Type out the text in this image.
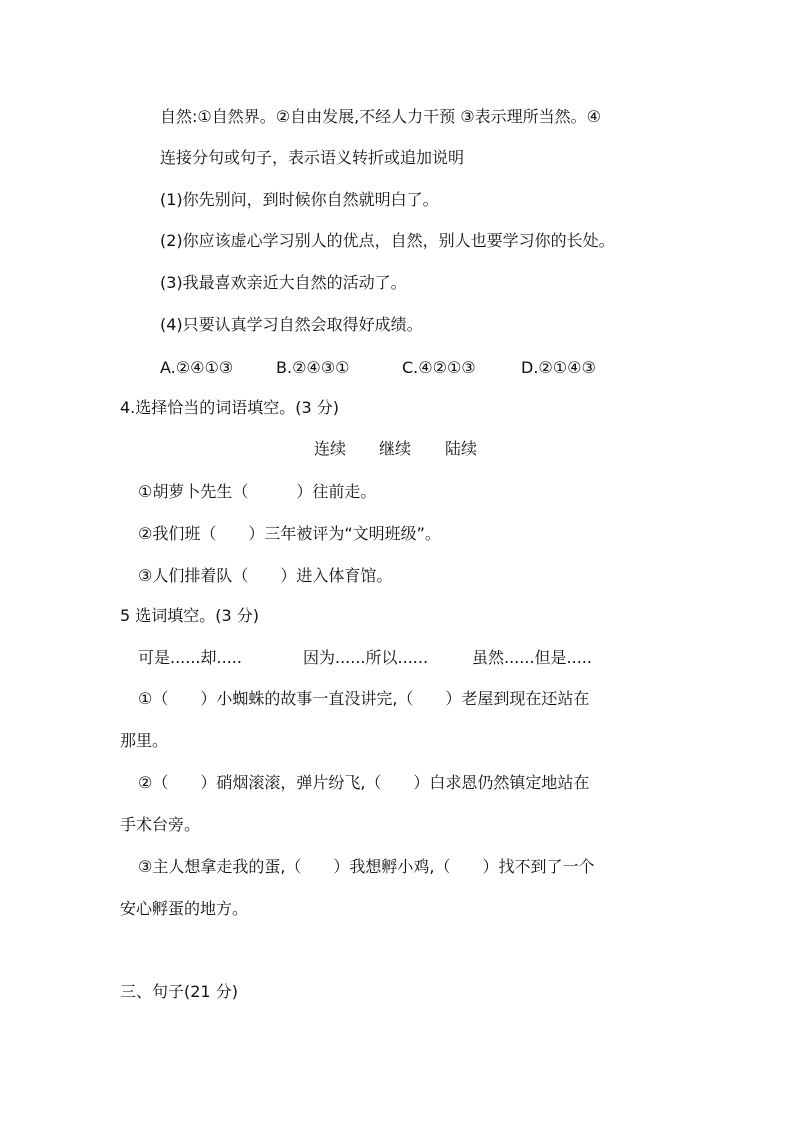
自然:①自然界。②自由发展,不经人力干预 ③表示理所当然。④
连接分句或句子，表示语义转折或追加说明
(1)你先别问，到时候你自然就明白了。
(2)你应该虚心学习别人的优点，自然，别人也要学习你的长处。
(3)我最喜欢亲近大自然的活动了。
(4)只要认真学习自然会取得好成绩。
A.②④①③	B.②④③①	C.④②①③	D.②①④③
4.选择恰当的词语填空。(3 分)
连续 继续 陆续
①胡萝卜先生（　　　）往前走。
②我们班（　　）三年被评为“文明班级”。
③人们排着队（　　）进入体育馆。
5 选词填空。(3 分)
可是......却.....	因为......所以......	虽然......但是.....
①（　　）小蜘蛛的故事一直没讲完,（　　）老屋到现在还站在
那里。
②（　　）硝烟滚滚，弹片纷飞,（　　）白求恩仍然镇定地站在
手术台旁。
③主人想拿走我的蛋,（　　）我想孵小鸡,（　　）找不到了一个
安心孵蛋的地方。
三、句子(21 分)
